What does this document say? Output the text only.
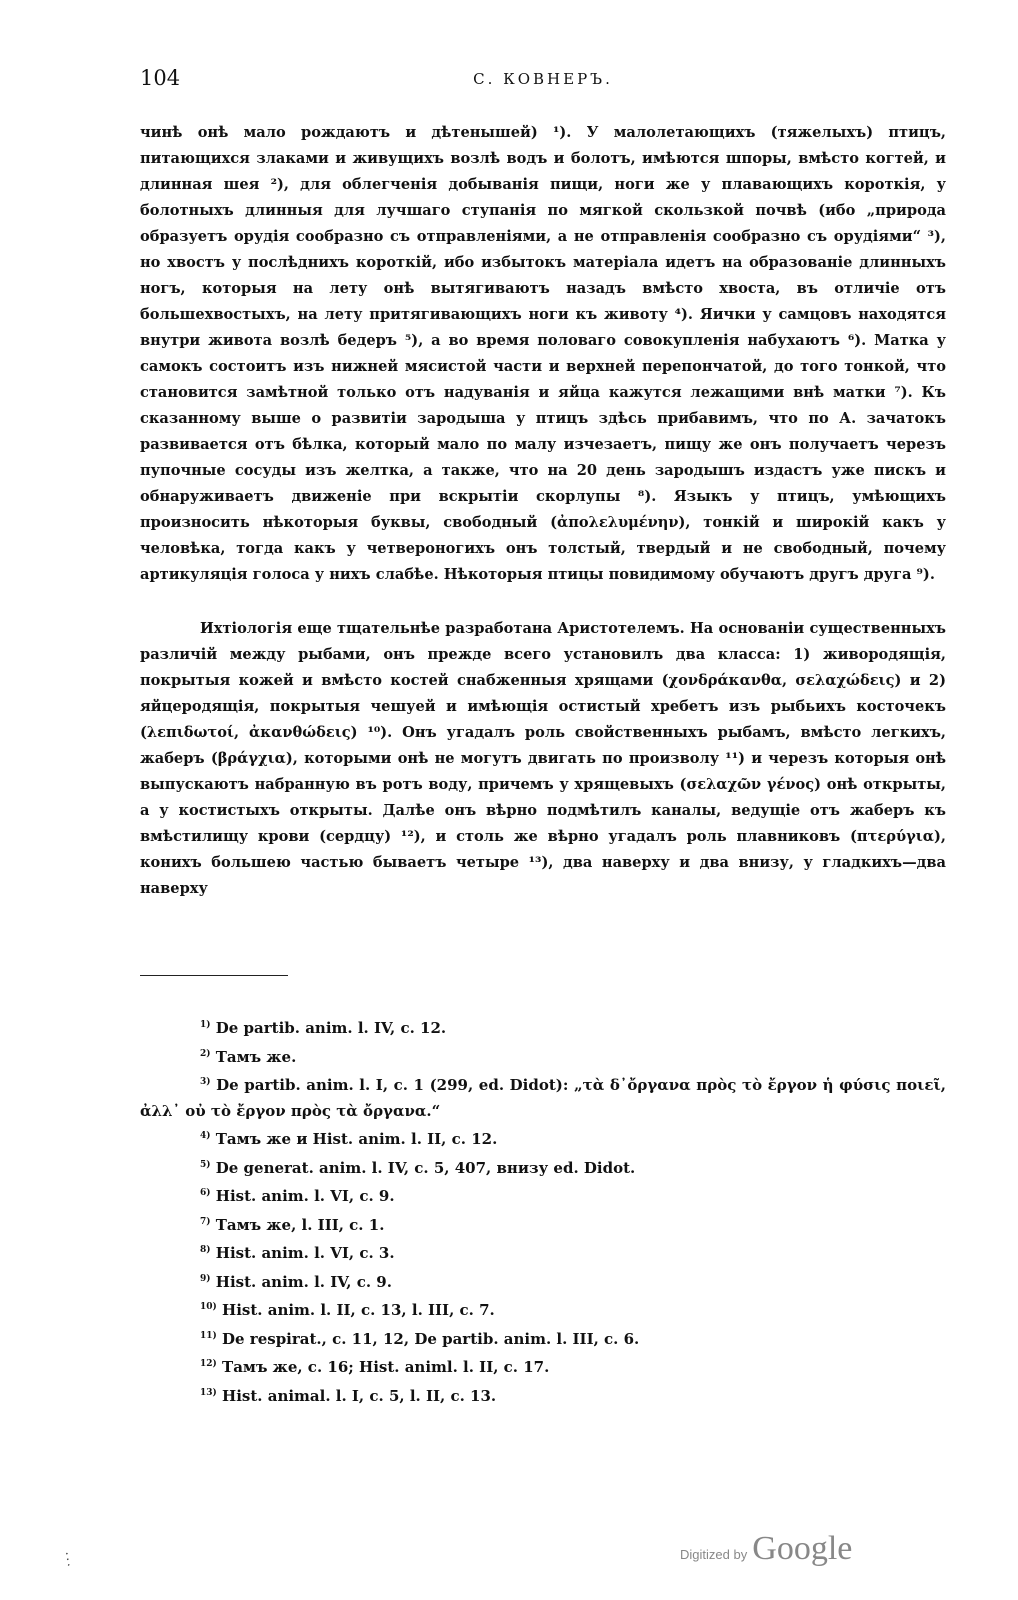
104	С. КОВНЕРЪ.

чинѣ онѣ мало рождаютъ и дѣтенышей) ¹). У малолетающихъ (тяжелыхъ) птицъ, питающихся злаками и живущихъ возлѣ водъ и болотъ, имѣются шпоры, вмѣсто когтей, и длинная шея ²), для облегченія добыванія пищи, ноги же у плавающихъ короткія, у болотныхъ длинныя для лучшаго ступанія по мягкой скользкой почвѣ (ибо „природа образуетъ орудія сообразно съ отправленіями, а не отправленія сообразно съ орудіями“ ³), но хвостъ у послѣднихъ короткій, ибо избытокъ матеріала идетъ на образованіе длинныхъ ногъ, которыя на лету онѣ вытягиваютъ назадъ вмѣсто хвоста, въ отличіе отъ большехвостыхъ, на лету притягивающихъ ноги къ животу ⁴). Яички у самцовъ находятся внутри живота возлѣ бедеръ ⁵), а во время половаго совокупленія набухаютъ ⁶). Матка у самокъ состоитъ изъ нижней мясистой части и верхней перепончатой, до того тонкой, что становится замѣтной только отъ надуванія и яйца кажутся лежащими внѣ матки ⁷). Къ сказанному выше о развитіи зародыша у птицъ здѣсь прибавимъ, что по А. зачатокъ развивается отъ бѣлка, который мало по малу изчезаетъ, пищу же онъ получаетъ черезъ пупочные сосуды изъ желтка, а также, что на 20 день зародышъ издастъ уже пискъ и обнаруживаетъ движеніе при вскрытіи скорлупы ⁸). Языкъ у птицъ, умѣющихъ произносить нѣкоторыя буквы, свободный (ἀπολελυμένην), тонкій и широкій какъ у человѣка, тогда какъ у четвероногихъ онъ толстый, твердый и не свободный, почему артикуляція голоса у нихъ слабѣе. Нѣкоторыя птицы повидимому обучаютъ другъ друга ⁹).

Ихтіологія еще тщательнѣе разработана Аристотелемъ. На основаніи существенныхъ различій между рыбами, онъ прежде всего установилъ два класса: 1) живородящія, покрытыя кожей и вмѣсто костей снабженныя хрящами (χονδράκανθα, σελαχώδεις) и 2) яйцеродящія, покрытыя чешуей и имѣющія остистый хребетъ изъ рыбьихъ косточекъ (λεπιδωτοί, ἀκανθώδεις) ¹⁰). Онъ угадалъ роль свойственныхъ рыбамъ, вмѣсто легкихъ, жаберъ (βράγχια), которыми онѣ не могутъ двигать по произволу ¹¹) и черезъ которыя онѣ выпускаютъ набранную въ ротъ воду, причемъ у хрящевыхъ (σελαχῶν γένος) онѣ открыты, а у костистыхъ открыты. Далѣе онъ вѣрно подмѣтилъ каналы, ведущіе отъ жаберъ къ вмѣстилищу крови (сердцу) ¹²), и столь же вѣрно угадалъ роль плавниковъ (πτερύγια), конихъ большею частью бываетъ четыре ¹³), два наверху и два внизу, у гладкихъ—два наверху

$^{1)}$ De partib. anim. l. IV, c. 12.

$^{2)}$ Тамъ же.

$^{3)}$ De partib. anim. l. I, c. 1 (299, ed. Didot): „τὰ δ᾽ὄργανα πρὸς τὸ ἔργον ἡ φύσις ποιεῖ, ἀλλ᾽ οὐ τὸ ἔργον πρὸς τὰ ὄργανα.“

$^{4)}$ Тамъ же и Hist. anim. l. II, c. 12.

$^{5)}$ De generat. anim. l. IV, c. 5, 407, внизу ed. Didot.

$^{6)}$ Hist. anim. l. VI, c. 9.

$^{7)}$ Тамъ же, l. III, c. 1.

$^{8)}$ Hist. anim. l. VI, c. 3.

$^{9)}$ Hist. anim. l. IV, c. 9.

$^{10)}$ Hist. anim. l. II, c. 13, l. III, c. 7.

$^{11)}$ De respirat., c. 11, 12, De partib. anim. l. III, c. 6.

$^{12)}$ Тамъ же, c. 16; Hist. animl. l. II, c. 17.

$^{13)}$ Hist. animal. l. I, c. 5, l. II, c. 13.

⋱	Digitized by Google
